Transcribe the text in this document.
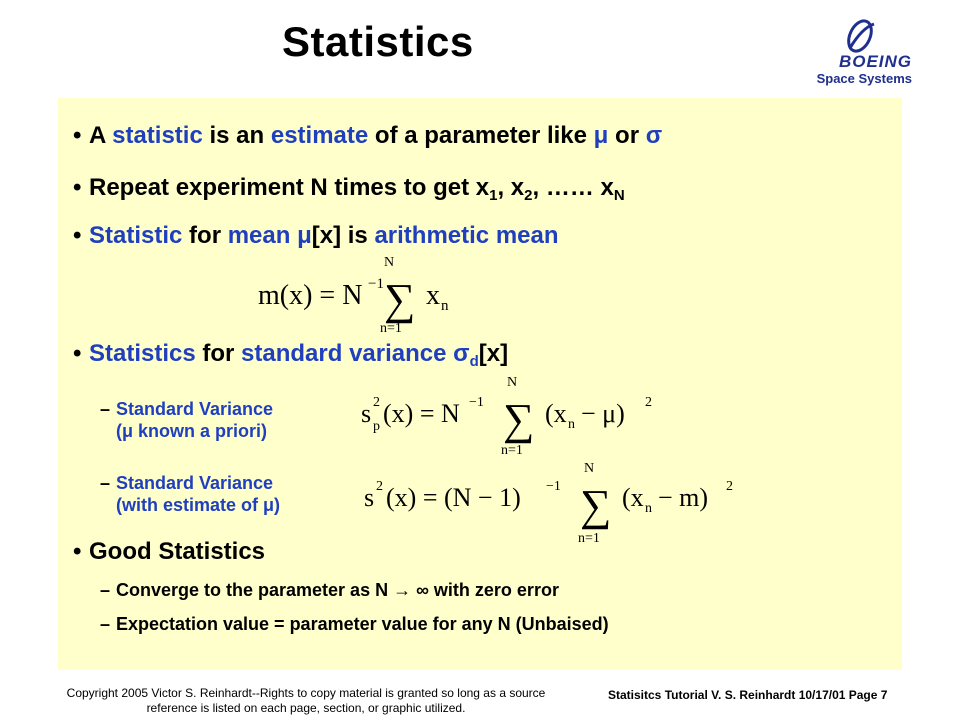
Statistics	BOEING
Space Systems
• A statistic is an estimate of a parameter like μ or σ
• Repeat experiment N times to get $x_1$, $x_2$, …… $x_N$
• Statistic for mean μ[x] is arithmetic mean
m(x) = N −1
N
∑
n=1
x n
• Statistics for standard variance $\sigma_d[x]$
– Standard Variance
(μ known a priori)
s 2
p (x) = N −1
N
∑
n=1
(x n − μ) 2
– Standard Variance
(with estimate of μ)	s 2 (x) = (N − 1) −1
N
∑
n=1
(x n − m) 2
• Good Statistics
– Converge to the parameter as N → ∞ with zero error
– Expectation value = parameter value for any N (Unbaised)
Copyright 2005 Victor S. Reinhardt--Rights to copy material is granted so long as a source
reference is listed on each page, section, or graphic utilized.
Statisitcs Tutorial V. S. Reinhardt 10/17/01 Page 7
